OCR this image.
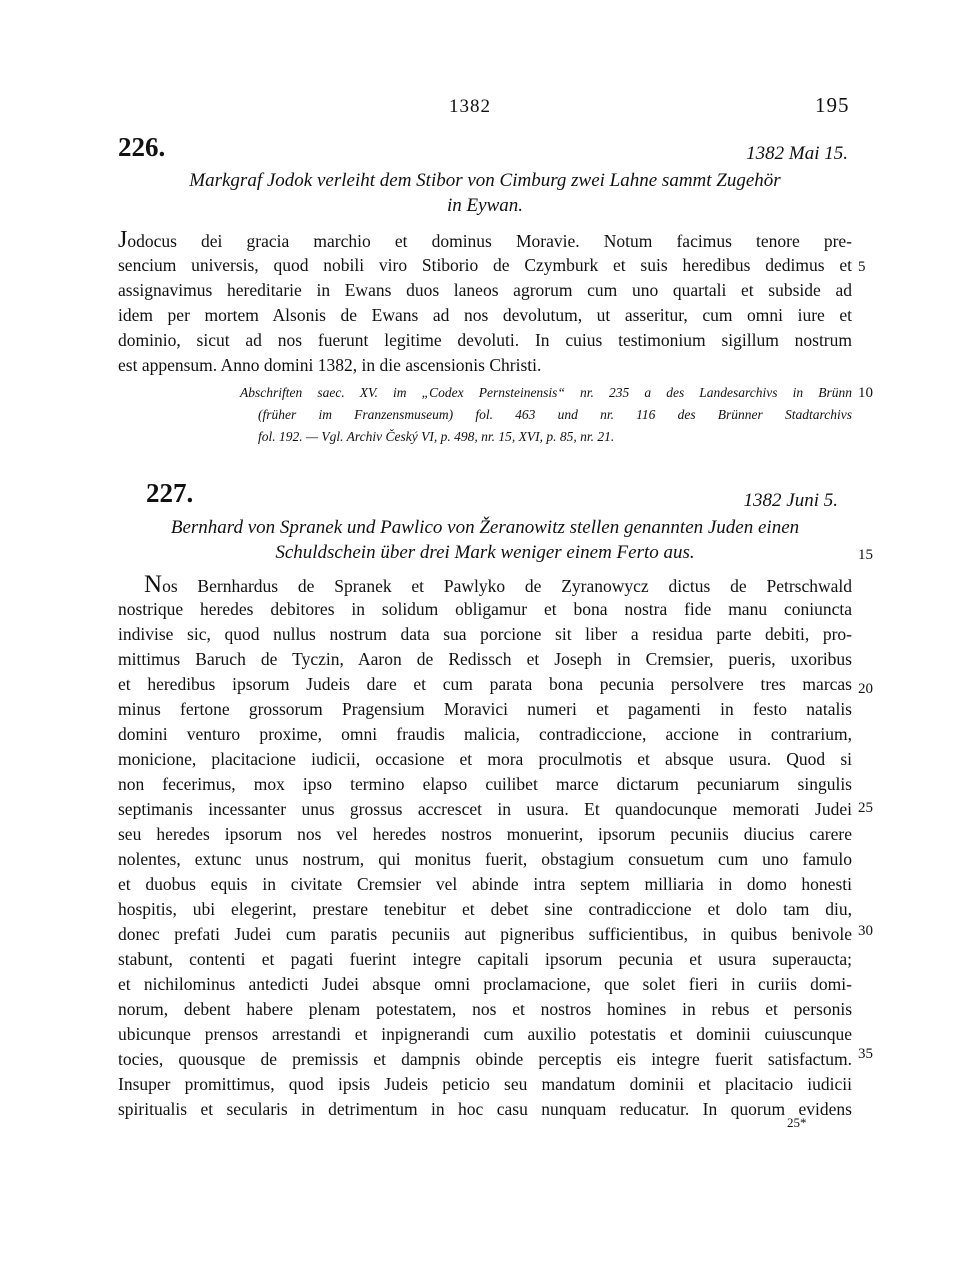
1382	195
226.	1382 Mai 15.
Markgraf Jodok verleiht dem Stibor von Cimburg zwei Lahne sammt Zugehör
in Eywan.
Jodocus dei gracia marchio et dominus Moravie. Notum facimus tenore pre-
sencium universis, quod nobili viro Stiborio de Czymburk et suis heredibus dedimus et
assignavimus hereditarie in Ewans duos laneos agrorum cum uno quartali et subside ad
idem per mortem Alsonis de Ewans ad nos devolutum, ut asseritur, cum omni iure et
dominio, sicut ad nos fuerunt legitime devoluti. In cuius testimonium sigillum nostrum
est appensum. Anno domini 1382, in die ascensionis Christi.
Abschriften saec. XV. im „Codex Pernsteinensis“ nr. 235 a des Landesarchivs in Brünn
(früher im Franzensmuseum) fol. 463 und nr. 116 des Brünner Stadtarchivs
fol. 192. — Vgl. Archiv Český VI, p. 498, nr. 15, XVI, p. 85, nr. 21.
227.	1382 Juni 5.
Bernhard von Spranek und Pawlico von Žeranowitz stellen genannten Juden einen
Schuldschein über drei Mark weniger einem Ferto aus.
Nos Bernhardus de Spranek et Pawlyko de Zyranowycz dictus de Petrschwald
nostrique heredes debitores in solidum obligamur et bona nostra fide manu coniuncta
indivise sic, quod nullus nostrum data sua porcione sit liber a residua parte debiti, pro-
mittimus Baruch de Tyczin, Aaron de Redissch et Joseph in Cremsier, pueris, uxoribus
et heredibus ipsorum Judeis dare et cum parata bona pecunia persolvere tres marcas
minus fertone grossorum Pragensium Moravici numeri et pagamenti in festo natalis
domini venturo proxime, omni fraudis malicia, contradiccione, accione in contrarium,
monicione, placitacione iudicii, occasione et mora proculmotis et absque usura. Quod si
non fecerimus, mox ipso termino elapso cuilibet marce dictarum pecuniarum singulis
septimanis incessanter unus grossus accrescet in usura. Et quandocunque memorati Judei
seu heredes ipsorum nos vel heredes nostros monuerint, ipsorum pecuniis diucius carere
nolentes, extunc unus nostrum, qui monitus fuerit, obstagium consuetum cum uno famulo
et duobus equis in civitate Cremsier vel abinde intra septem milliaria in domo honesti
hospitis, ubi elegerint, prestare tenebitur et debet sine contradiccione et dolo tam diu,
donec prefati Judei cum paratis pecuniis aut pigneribus sufficientibus, in quibus benivole
stabunt, contenti et pagati fuerint integre capitali ipsorum pecunia et usura superaucta;
et nichilominus antedicti Judei absque omni proclamacione, que solet fieri in curiis domi-
norum, debent habere plenam potestatem, nos et nostros homines in rebus et personis
ubicunque prensos arrestandi et inpignerandi cum auxilio potestatis et dominii cuiuscunque
tocies, quousque de premissis et dampnis obinde perceptis eis integre fuerit satisfactum.
Insuper promittimus, quod ipsis Judeis peticio seu mandatum dominii et placitacio iudicii
spiritualis et secularis in detrimentum in hoc casu nunquam reducatur. In quorum evidens
5
10
15
20
25
30
35
25*
